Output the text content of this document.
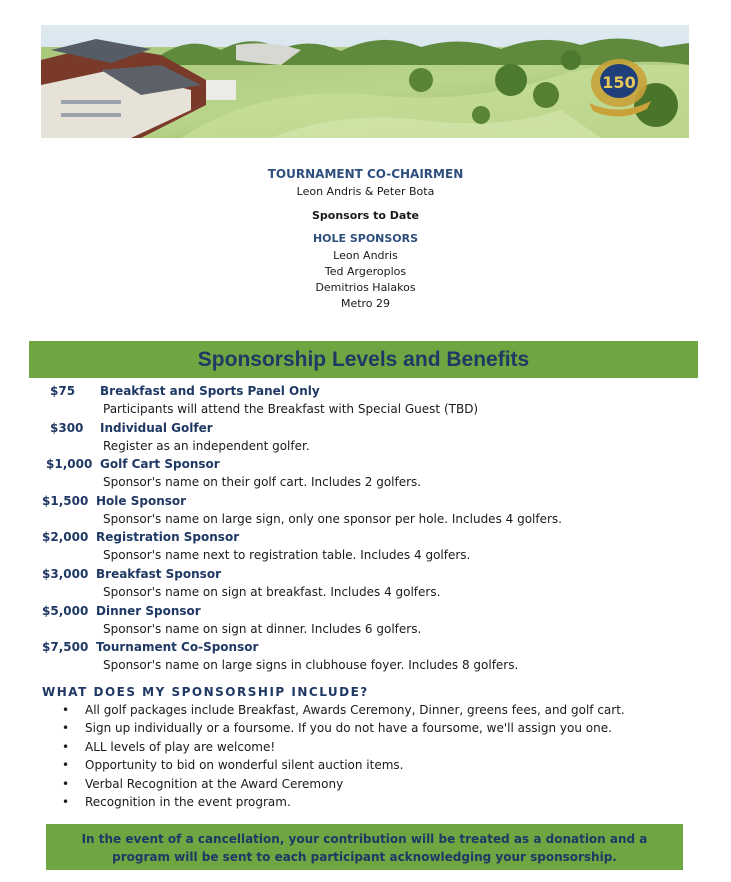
150
TOURNAMENT CO-CHAIRMEN
Leon Andris & Peter Bota
Sponsors to Date
HOLE SPONSORS
Leon Andris
Ted Argeroplos
Demitrios Halakos
Metro 29
Sponsorship Levels and Benefits
$75 Breakfast and Sports Panel Only
Participants will attend the Breakfast with Special Guest (TBD)
$300 Individual Golfer
Register as an independent golfer.
$1,000 Golf Cart Sponsor
Sponsor's name on their golf cart. Includes 2 golfers.
$1,500 Hole Sponsor
Sponsor's name on large sign, only one sponsor per hole. Includes 4 golfers.
$2,000 Registration Sponsor
Sponsor's name next to registration table. Includes 4 golfers.
$3,000 Breakfast Sponsor
Sponsor's name on sign at breakfast. Includes 4 golfers.
$5,000 Dinner Sponsor
Sponsor's name on sign at dinner. Includes 6 golfers.
$7,500 Tournament Co-Sponsor
Sponsor's name on large signs in clubhouse foyer. Includes 8 golfers.
WHAT DOES MY SPONSORSHIP INCLUDE?
• All golf packages include Breakfast, Awards Ceremony, Dinner, greens fees, and golf cart.
• Sign up individually or a foursome. If you do not have a foursome, we'll assign you one.
• ALL levels of play are welcome!
• Opportunity to bid on wonderful silent auction items.
• Verbal Recognition at the Award Ceremony
• Recognition in the event program.
In the event of a cancellation, your contribution will be treated as a donation and a
program will be sent to each participant acknowledging your sponsorship.
